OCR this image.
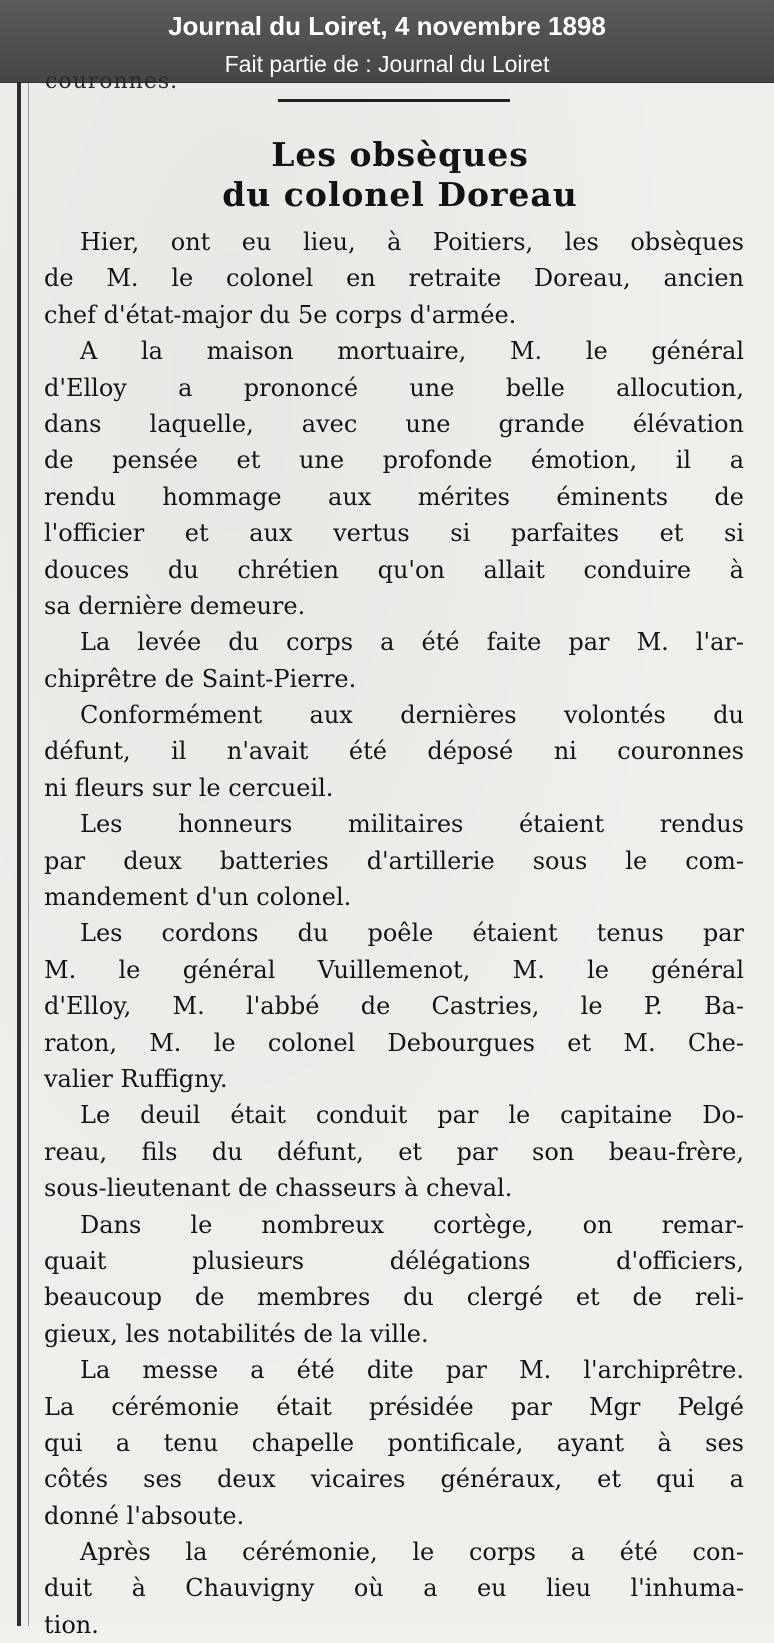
Journal du Loiret, 4 novembre 1898
Fait partie de : Journal du Loiret
couronnes.
Les obsèques
du colonel Doreau
Hier, ont eu lieu, à Poitiers, les obsèques
de M. le colonel en retraite Doreau, ancien
chef d'état-major du 5e corps d'armée.
A la maison mortuaire, M. le général
d'Elloy a prononcé une belle allocution,
dans laquelle, avec une grande élévation
de pensée et une profonde émotion, il a
rendu hommage aux mérites éminents de
l'officier et aux vertus si parfaites et si
douces du chrétien qu'on allait conduire à
sa dernière demeure.
La levée du corps a été faite par M. l'ar-
chiprêtre de Saint-Pierre.
Conformément aux dernières volontés du
défunt, il n'avait été déposé ni couronnes
ni fleurs sur le cercueil.
Les honneurs militaires étaient rendus
par deux batteries d'artillerie sous le com-
mandement d'un colonel.
Les cordons du poêle étaient tenus par
M. le général Vuillemenot, M. le général
d'Elloy, M. l'abbé de Castries, le P. Ba-
raton, M. le colonel Debourgues et M. Che-
valier Ruffigny.
Le deuil était conduit par le capitaine Do-
reau, fils du défunt, et par son beau-frère,
sous-lieutenant de chasseurs à cheval.
Dans le nombreux cortège, on remar-
quait plusieurs délégations d'officiers,
beaucoup de membres du clergé et de reli-
gieux, les notabilités de la ville.
La messe a été dite par M. l'archiprêtre.
La cérémonie était présidée par Mgr Pelgé
qui a tenu chapelle pontificale, ayant à ses
côtés ses deux vicaires généraux, et qui a
donné l'absoute.
Après la cérémonie, le corps a été con-
duit à Chauvigny où a eu lieu l'inhuma-
tion.
